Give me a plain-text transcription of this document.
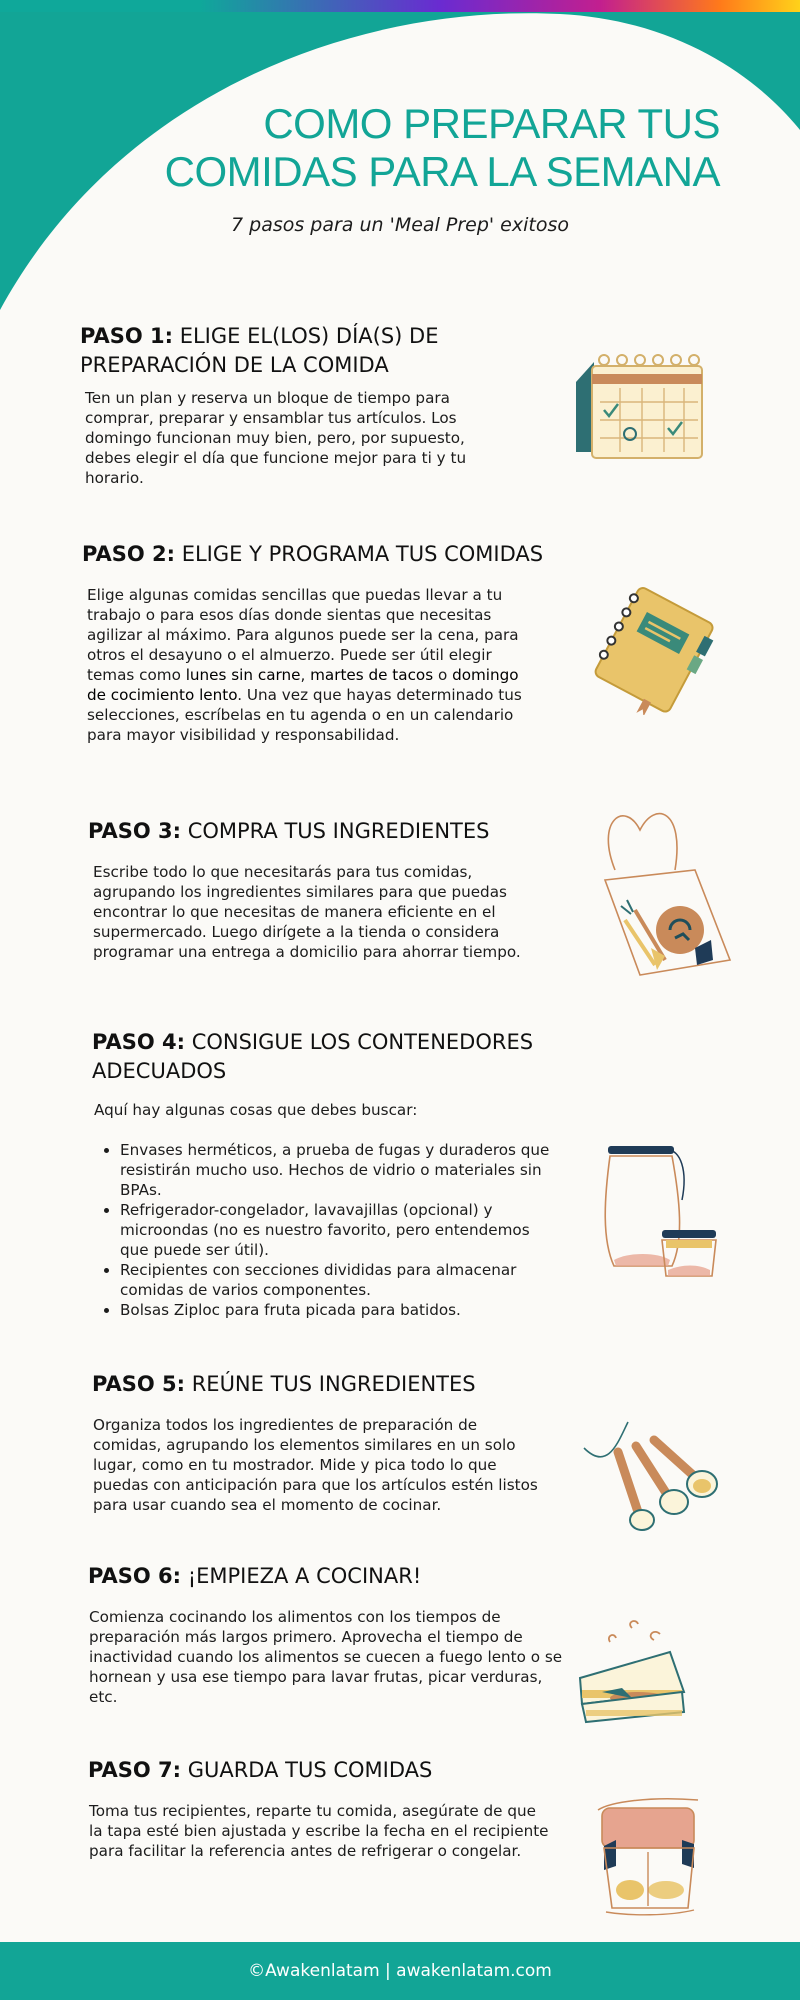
COMO PREPARAR TUS
COMIDAS PARA LA SEMANA

7 pasos para un 'Meal Prep' exitoso

PASO 1: ELIGE EL(LOS) DÍA(S) DE
PREPARACIÓN DE LA COMIDA

Ten un plan y reserva un bloque de tiempo para comprar, preparar y ensamblar tus artículos. Los domingo funcionan muy bien, pero, por supuesto, debes elegir el día que funcione mejor para ti y tu horario.

PASO 2: ELIGE Y PROGRAMA TUS COMIDAS

Elige algunas comidas sencillas que puedas llevar a tu trabajo o para esos días donde sientas que necesitas agilizar al máximo. Para algunos puede ser la cena, para otros el desayuno o el almuerzo. Puede ser útil elegir temas como lunes sin carne, martes de tacos o domingo de cocimiento lento. Una vez que hayas determinado tus selecciones, escríbelas en tu agenda o en un calendario para mayor visibilidad y responsabilidad.

PASO 3: COMPRA TUS INGREDIENTES

Escribe todo lo que necesitarás para tus comidas, agrupando los ingredientes similares para que puedas encontrar lo que necesitas de manera eficiente en el supermercado. Luego dirígete a la tienda o considera programar una entrega a domicilio para ahorrar tiempo.

PASO 4: CONSIGUE LOS CONTENEDORES
ADECUADOS

Aquí hay algunas cosas que debes buscar:

• Envases herméticos, a prueba de fugas y duraderos que resistirán mucho uso. Hechos de vidrio o materiales sin BPAs.
• Refrigerador-congelador, lavavajillas (opcional) y microondas (no es nuestro favorito, pero entendemos que puede ser útil).
• Recipientes con secciones divididas para almacenar comidas de varios componentes.
• Bolsas Ziploc para fruta picada para batidos.
PASO 5: REÚNE TUS INGREDIENTES

Organiza todos los ingredientes de preparación de comidas, agrupando los elementos similares en un solo lugar, como en tu mostrador. Mide y pica todo lo que puedas con anticipación para que los artículos estén listos para usar cuando sea el momento de cocinar.

PASO 6: ¡EMPIEZA A COCINAR!

Comienza cocinando los alimentos con los tiempos de preparación más largos primero. Aprovecha el tiempo de inactividad cuando los alimentos se cuecen a fuego lento o se hornean y usa ese tiempo para lavar frutas, picar verduras, etc.

PASO 7: GUARDA TUS COMIDAS

Toma tus recipientes, reparte tu comida, asegúrate de que la tapa esté bien ajustada y escribe la fecha en el recipiente para facilitar la referencia antes de refrigerar o congelar.

©Awakenlatam | awakenlatam.com
